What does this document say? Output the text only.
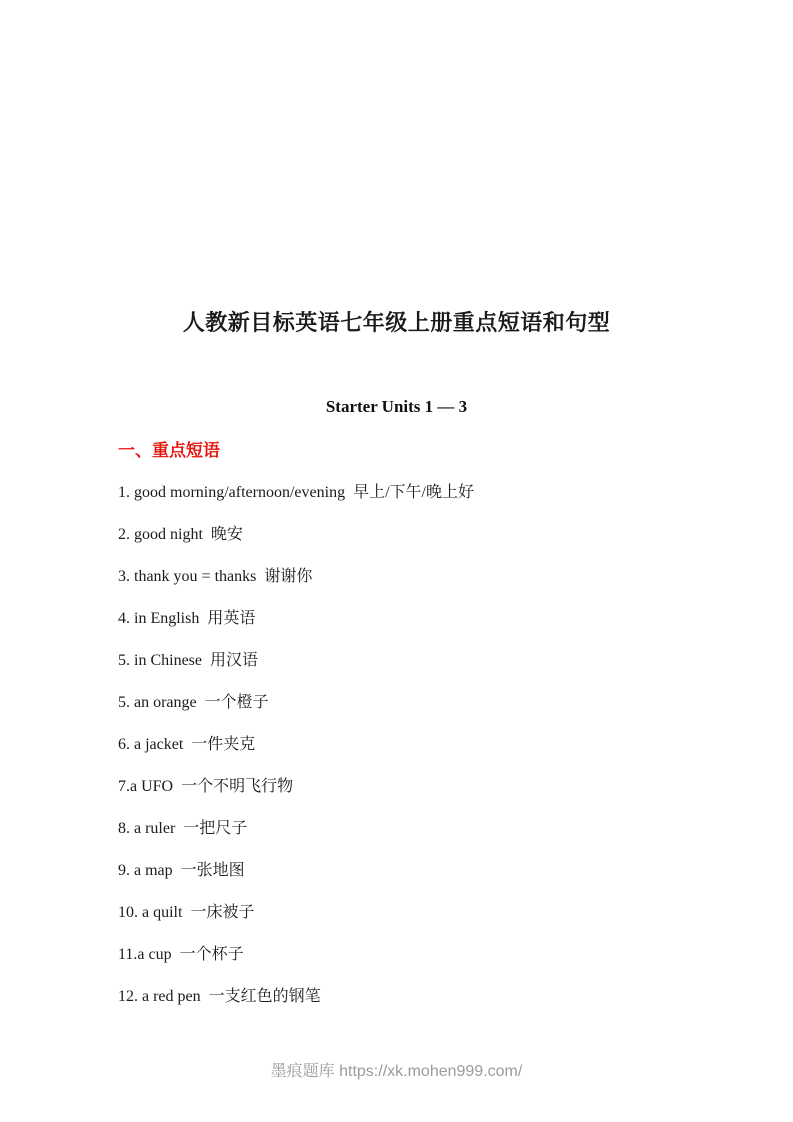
人教新目标英语七年级上册重点短语和句型
Starter Units 1 — 3
一、重点短语
1. good morning/afternoon/evening  早上/下午/晚上好
2. good night  晚安
3. thank you = thanks  谢谢你
4. in English  用英语
5. in Chinese  用汉语
5. an orange  一个橙子
6. a jacket  一件夹克
7.a UFO  一个不明飞行物
8. a ruler  一把尺子
9. a map  一张地图
10. a quilt  一床被子
11.a cup  一个杯子
12. a red pen  一支红色的钢笔
墨痕题库 https://xk.mohen999.com/
